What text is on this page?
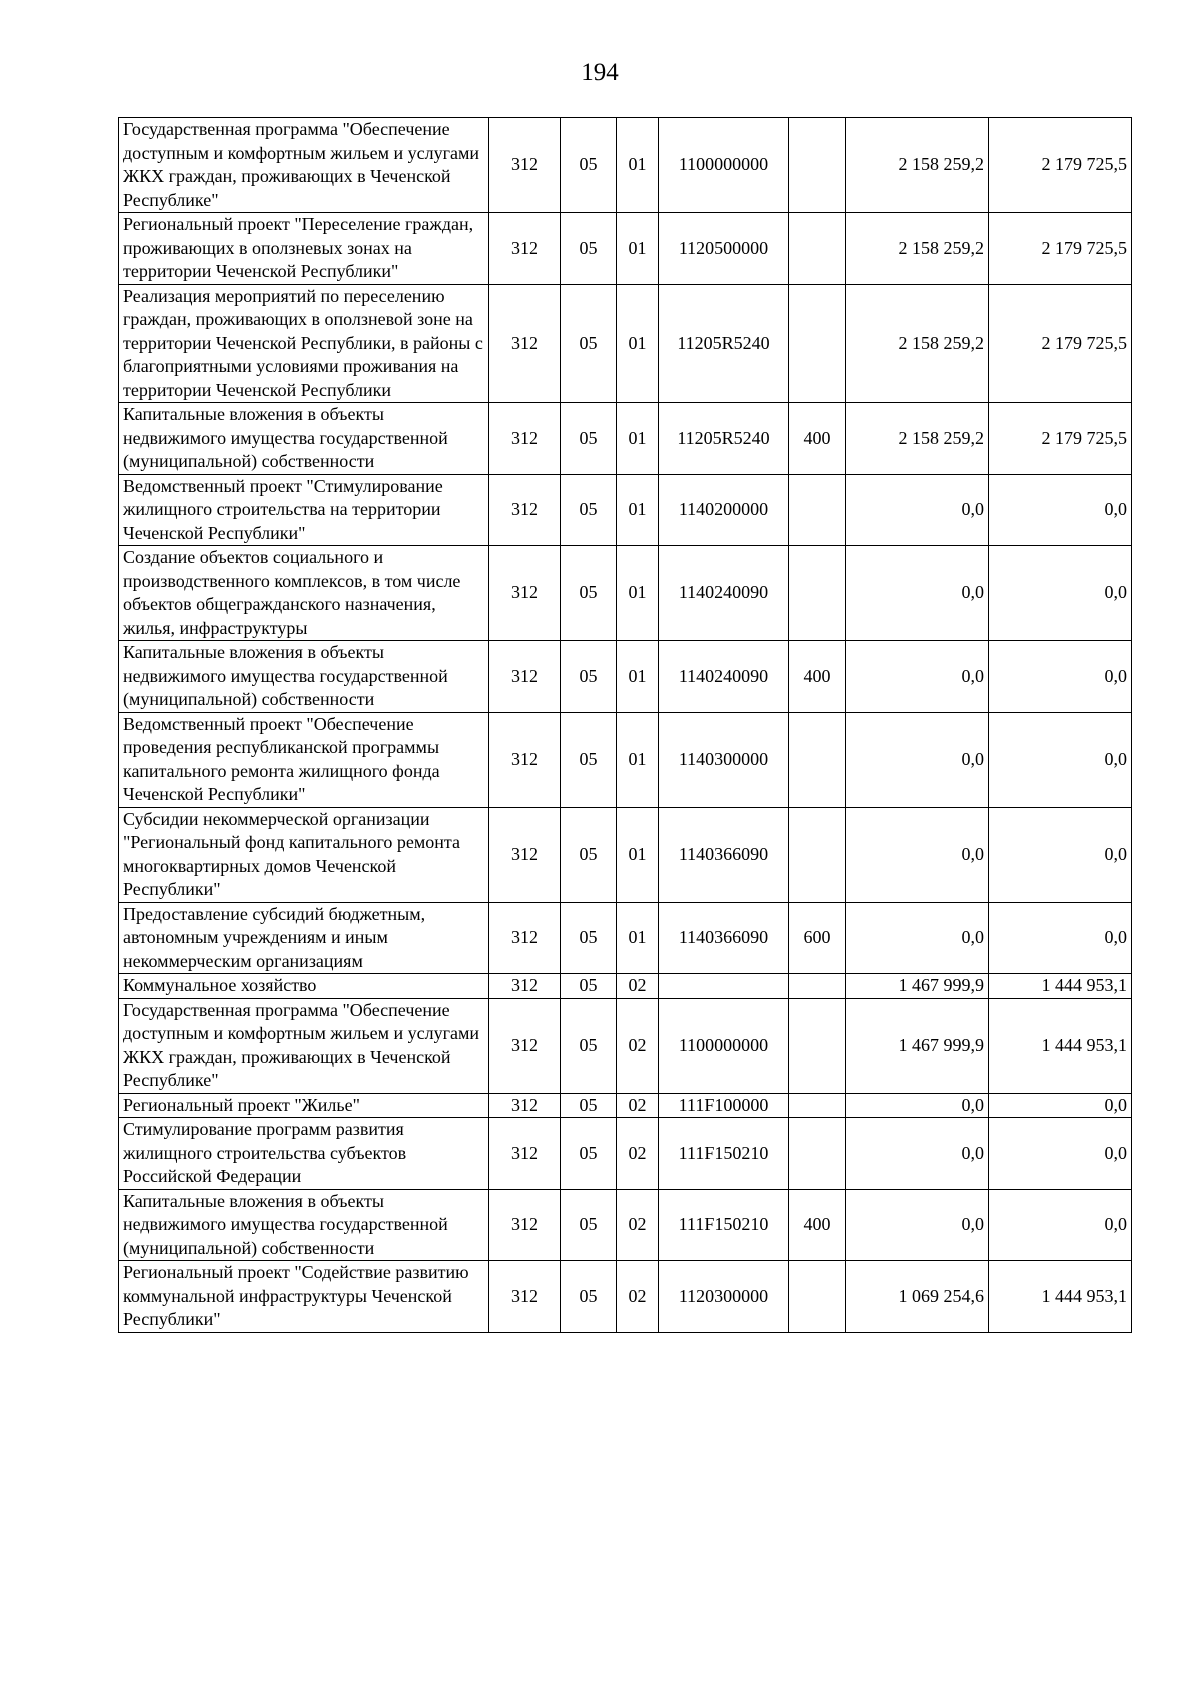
194
Государственная программа "Обеспечение доступным и комфортным жильем и услугами ЖКХ граждан, проживающих в Чеченской Республике"	312	05	01	1100000000		2 158 259,2	2 179 725,5
Региональный проект "Переселение граждан, проживающих в оползневых зонах на территории Чеченской Республики"	312	05	01	1120500000		2 158 259,2	2 179 725,5
Реализация мероприятий по переселению граждан, проживающих в оползневой зоне на территории Чеченской Республики, в районы с благоприятными условиями проживания на территории Чеченской Республики	312	05	01	11205R5240		2 158 259,2	2 179 725,5
Капитальные вложения в объекты недвижимого имущества государственной (муниципальной) собственности	312	05	01	11205R5240	400	2 158 259,2	2 179 725,5
Ведомственный проект "Стимулирование жилищного строительства на территории Чеченской Республики"	312	05	01	1140200000		0,0	0,0
Создание объектов социального и производственного комплексов, в том числе объектов общегражданского назначения, жилья, инфраструктуры	312	05	01	1140240090		0,0	0,0
Капитальные вложения в объекты недвижимого имущества государственной (муниципальной) собственности	312	05	01	1140240090	400	0,0	0,0
Ведомственный проект "Обеспечение проведения республиканской программы капитального ремонта жилищного фонда Чеченской Республики"	312	05	01	1140300000		0,0	0,0
Субсидии некоммерческой организации "Региональный фонд капитального ремонта многоквартирных домов Чеченской Республики"	312	05	01	1140366090		0,0	0,0
Предоставление субсидий бюджетным, автономным учреждениям и иным некоммерческим организациям	312	05	01	1140366090	600	0,0	0,0
Коммунальное хозяйство	312	05	02			1 467 999,9	1 444 953,1
Государственная программа "Обеспечение доступным и комфортным жильем и услугами ЖКХ граждан, проживающих в Чеченской Республике"	312	05	02	1100000000		1 467 999,9	1 444 953,1
Региональный проект "Жилье"	312	05	02	111F100000		0,0	0,0
Стимулирование программ развития жилищного строительства субъектов Российской Федерации	312	05	02	111F150210		0,0	0,0
Капитальные вложения в объекты недвижимого имущества государственной (муниципальной) собственности	312	05	02	111F150210	400	0,0	0,0
Региональный проект "Содействие развитию коммунальной инфраструктуры Чеченской Республики"	312	05	02	1120300000		1 069 254,6	1 444 953,1
